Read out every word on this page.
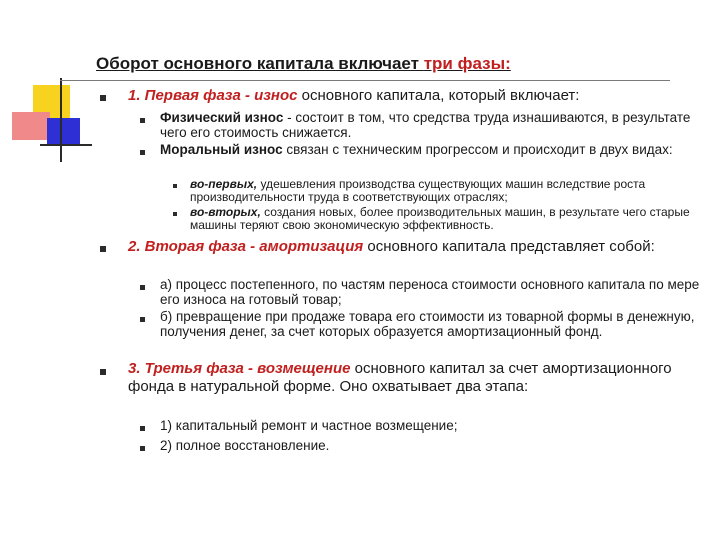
Оборот основного капитала включает три фазы:
1. Первая фаза - износ основного капитала, который включает:
Физический износ - состоит в том, что средства труда изнашиваются, в результате чего его стоимость снижается.
Моральный износ связан с техническим прогрессом и происходит в двух видах:
во-первых, удешевления производства существующих машин вследствие роста производительности труда в соответствующих отраслях;
во-вторых, создания новых, более производительных машин, в результате чего старые машины теряют свою экономическую эффективность.
2. Вторая фаза - амортизация основного капитала представляет собой:
а) процесс постепенного, по частям переноса стоимости основного капитала по мере его износа на готовый товар;
б) превращение при продаже товара его стоимости из товарной формы в денежную, получения денег, за счет которых образуется амортизационный фонд.
3. Третья фаза - возмещение основного капитал за счет амортизационного фонда в натуральной форме. Оно охватывает два этапа:
1) капитальный ремонт и частное возмещение;
2) полное восстановление.
